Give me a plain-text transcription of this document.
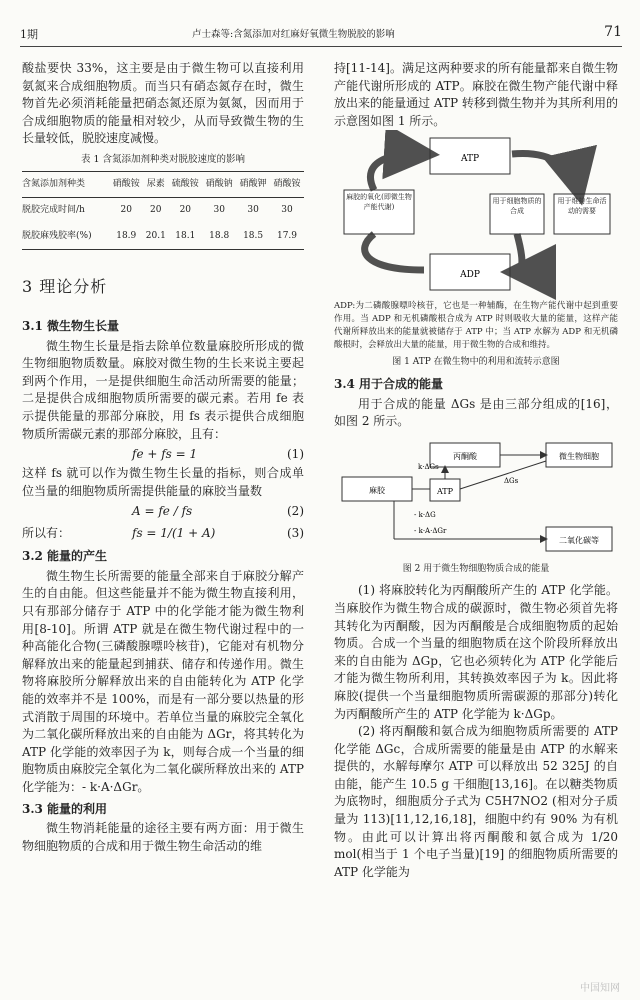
1期	卢士森等:含氮添加对红麻好氧微生物脱胶的影响	71

酸盐要快 33%，这主要是由于微生物可以直接利用氨氮来合成细胞物质。而当只有硝态氮存在时，微生物首先必须消耗能量把硝态氮还原为氨氮，因而用于合成细胞物质的能量相对较少，从而导致微生物的生长量较低，脱胶速度减慢。

表 1 含氮添加剂种类对脱胶速度的影响
含氮添加剂种类	硝酸铵	尿素	硫酸铵	硝酸钠	硝酸钾	硝酸铵
脱胶完成时间/h	20	20	20	30	30	30
脱胶麻残胶率(%)	18.9	20.1	18.1	18.8	18.5	17.9
3 理论分析
3.1 微生物生长量

微生物生长量是指去除单位数量麻胶所形成的微生物细胞物质数量。麻胶对微生物的生长来说主要起到两个作用，一是提供细胞生命活动所需要的能量；二是提供合成细胞物质所需要的碳元素。若用 fe 表示提供能量的那部分麻胶，用 fs 表示提供合成细胞物质所需碳元素的那部分麻胶，且有：

fe + fs = 1	(1)

这样 fs 就可以作为微生物生长量的指标，则合成单位当量的细胞物质所需提供能量的麻胶当量数

A = fe / fs	(2)
所以有：	fs = 1/(1 + A)	(3)
3.2 能量的产生

微生物生长所需要的能量全部来自于麻胶分解产生的自由能。但这些能量并不能为微生物直接利用，只有那部分储存于 ATP 中的化学能才能为微生物利用[8-10]。所谓 ATP 就是在微生物代谢过程中的一种高能化合物(三磷酸腺嘌呤核苷)，它能对有机物分解释放出来的能量起到捕获、储存和传递作用。微生物将麻胶所分解释放出来的自由能转化为 ATP 化学能的效率并不是 100%，而是有一部分要以热量的形式消散于周围的环境中。若单位当量的麻胶完全氧化为二氧化碳所释放出来的自由能为 ΔGr，将其转化为 ATP 化学能的效率因子为 k，则每合成一个当量的细胞物质由麻胶完全氧化为二氧化碳所释放出来的 ATP 化学能为：- k·A·ΔGr。

3.3 能量的利用

微生物消耗能量的途径主要有两方面：用于微生物细胞物质的合成和用于微生物生命活动的维

持[11-14]。满足这两种要求的所有能量都来自微生物产能代谢所形成的 ATP。麻胶在微生物产能代谢中释放出来的能量通过 ATP 转移到微生物并为其所利用的示意图如图 1 所示。

ATP
麻胶的氧化(即微生物产能代谢)
用于细胞物质的合成
用于维持生命活动的需要
ADP
ADP:为二磷酸腺嘌呤核苷，它也是一种辅酶，在生物产能代谢中起到重要作用。当 ADP 和无机磷酸根合成为 ATP 时则吸收大量的能量，这样产能代谢所释放出来的能量就被储存于 ATP 中；当 ATP 水解为 ADP 和无机磷酸根时，会释放出大量的能量，用于微生物的合成和维持。
图 1 ATP 在微生物中的利用和流转示意图
3.4 用于合成的能量

用于合成的能量 ΔGs 是由三部分组成的[16]，如图 2 所示。

丙酮酸	微生物细胞
麻胶	ATP
二氧化碳等
k·ΔGs
ΔGs
- k·ΔG
- k·A·ΔGr
图 2 用于微生物细胞物质合成的能量

(1) 将麻胶转化为丙酮酸所产生的 ATP 化学能。当麻胶作为微生物合成的碳源时，微生物必须首先将其转化为丙酮酸，因为丙酮酸是合成细胞物质的起始物质。合成一个当量的细胞物质在这个阶段所释放出来的自由能为 ΔGp，它也必须转化为 ATP 化学能后才能为微生物所利用，其转换效率因子为 k。因此将麻胶(提供一个当量细胞物质所需碳源的那部分)转化为丙酮酸所产生的 ATP 化学能为 k·ΔGp。

(2) 将丙酮酸和氨合成为细胞物质所需要的 ATP 化学能 ΔGc，合成所需要的能量是由 ATP 的水解来提供的，水解每摩尔 ATP 可以释放出 52 325J 的自由能，能产生 10.5 g 干细胞[13,16]。在以糖类物质为底物时，细胞质分子式为 C5H7NO2 (相对分子质量为 113)[11,12,16,18]，细胞中约有 90% 为有机物。由此可以计算出将丙酮酸和氨合成为 1/20 mol(相当于 1 个电子当量)[19] 的细胞物质所需要的 ATP 化学能为

中国知网
